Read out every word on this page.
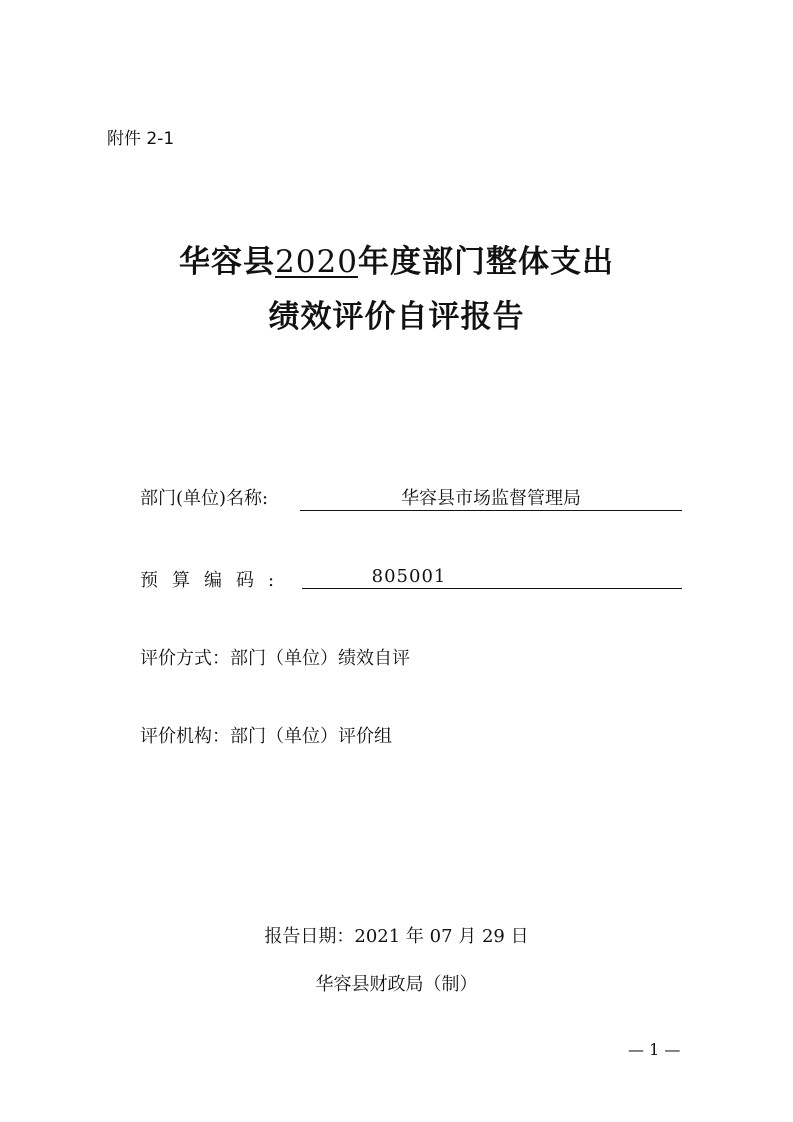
附件 2-1
华容县2020年度部门整体支出
绩效评价自评报告
部门(单位)名称:	华容县市场监督管理局
预算编码:	805001
评价方式：部门（单位）绩效自评
评价机构：部门（单位）评价组
报告日期：2021 年 07 月 29 日
华容县财政局（制）
— 1 —
